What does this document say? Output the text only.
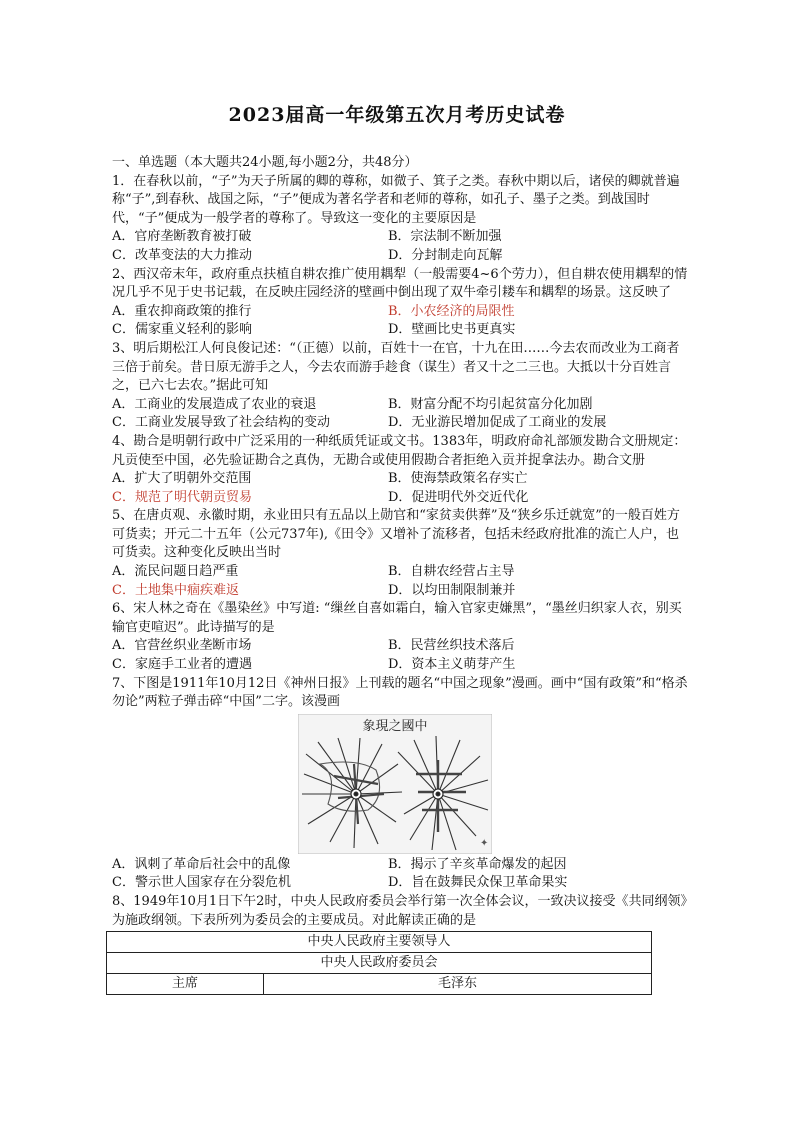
2023届高一年级第五次月考历史试卷

一、单选题（本大题共24小题,每小题2分，共48分）

1．在春秋以前，“子”为天子所属的卿的尊称，如微子、箕子之类。春秋中期以后，诸侯的卿就普遍称“子”,到春秋、战国之际，“子”便成为著名学者和老师的尊称，如孔子、墨子之类。到战国时代，“子”便成为一般学者的尊称了。导致这一变化的主要原因是

A．官府垄断教育被打破	B．宗法制不断加强
C．改革变法的大力推动	D．分封制走向瓦解

2、西汉帝末年，政府重点扶植自耕农推广使用耦犁（一般需要4~6个劳力），但自耕农使用耦犁的情况几乎不见于史书记载，在反映庄园经济的壁画中倒出现了双牛牵引耧车和耦犁的场景。这反映了

A．重农抑商政策的推行	B．小农经济的局限性
C．儒家重义轻利的影响	D．壁画比史书更真实

3、明后期松江人何良俊记述：“（正德）以前，百姓十一在官，十九在田……今去农而改业为工商者三倍于前矣。昔日原无游手之人，今去农而游手趁食（谋生）者又十之二三也。大抵以十分百姓言之，已六七去农。”据此可知

A．工商业的发展造成了农业的衰退	B．财富分配不均引起贫富分化加剧
C．工商业发展导致了社会结构的变动	D．无业游民增加促成了工商业的发展

4、勘合是明朝行政中广泛采用的一种纸质凭证或文书。1383年，明政府命礼部颁发勘合文册规定：凡贡使至中国，必先验证勘合之真伪，无勘合或使用假勘合者拒绝入贡并捉拿法办。勘合文册

A．扩大了明朝外交范围	B．使海禁政策名存实亡
C．规范了明代朝贡贸易	D．促进明代外交近代化

5、在唐贞观、永徽时期，永业田只有五品以上勋官和“家贫卖供葬”及“狭乡乐迁就宽”的一般百姓方可货卖；开元二十五年（公元737年),《田令》又增补了流移者，包括未经政府批准的流亡人户，也可货卖。这种变化反映出当时

A．流民问题日趋严重	B．自耕农经营占主导
C．土地集中痼疾难返	D．以均田制限制兼并

6、宋人林之奇在《墨染丝》中写道: “缫丝自喜如霜白，输入官家吏嫌黑”，“墨丝归织家人衣，别买输官吏喧迟”。此诗描写的是

A．官营丝织业垄断市场	B．民营丝织技术落后
C．家庭手工业者的遭遇	D．资本主义萌芽产生

7、下图是1911年10月12日《神州日报》上刊载的题名“中国之现象”漫画。画中“国有政策”和“格杀勿论”两粒子弹击碎“中国”二字。该漫画

象現之國中
✦
A．讽刺了革命后社会中的乱像	B．揭示了辛亥革命爆发的起因
C．警示世人国家存在分裂危机	D．旨在鼓舞民众保卫革命果实

8、1949年10月1日下午2时，中央人民政府委员会举行第一次全体会议，一致决议接受《共同纲领》为施政纲领。下表所列为委员会的主要成员。对此解读正确的是

中央人民政府主要领导人
中央人民政府委员会
主席	毛泽东
